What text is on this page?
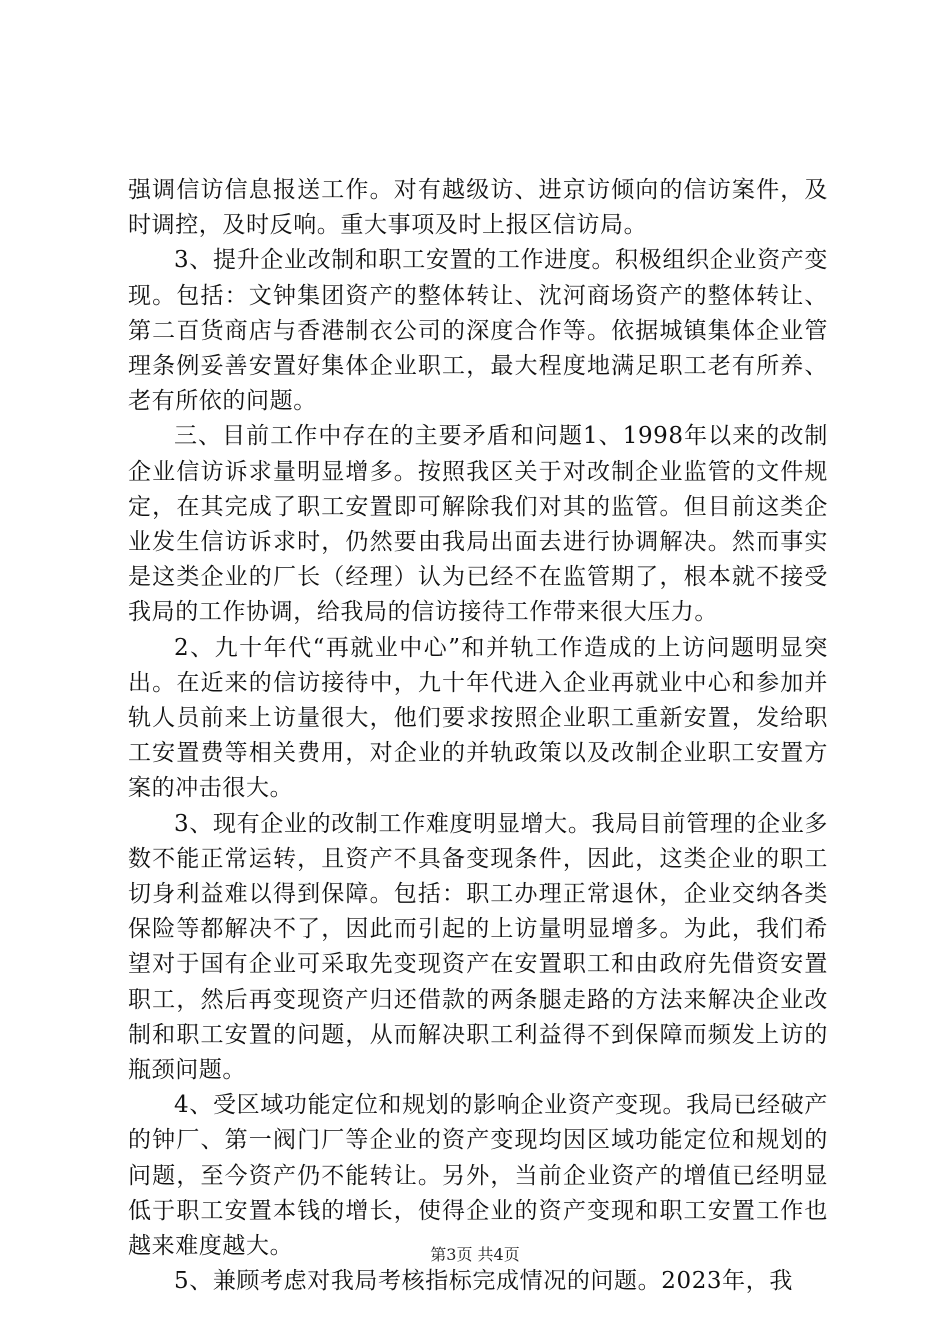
强调信访信息报送工作。对有越级访、进京访倾向的信访案件，及时调控，及时反响。重大事项及时上报区信访局。

3、提升企业改制和职工安置的工作进度。积极组织企业资产变现。包括：文钟集团资产的整体转让、沈河商场资产的整体转让、第二百货商店与香港制衣公司的深度合作等。依据城镇集体企业管理条例妥善安置好集体企业职工，最大程度地满足职工老有所养、老有所依的问题。

三、目前工作中存在的主要矛盾和问题1、1998年以来的改制企业信访诉求量明显增多。按照我区关于对改制企业监管的文件规定，在其完成了职工安置即可解除我们对其的监管。但目前这类企业发生信访诉求时，仍然要由我局出面去进行协调解决。然而事实是这类企业的厂长（经理）认为已经不在监管期了，根本就不接受我局的工作协调，给我局的信访接待工作带来很大压力。

2、九十年代“再就业中心”和并轨工作造成的上访问题明显突出。在近来的信访接待中，九十年代进入企业再就业中心和参加并轨人员前来上访量很大，他们要求按照企业职工重新安置，发给职工安置费等相关费用，对企业的并轨政策以及改制企业职工安置方案的冲击很大。

3、现有企业的改制工作难度明显增大。我局目前管理的企业多数不能正常运转，且资产不具备变现条件，因此，这类企业的职工切身利益难以得到保障。包括：职工办理正常退休，企业交纳各类保险等都解决不了，因此而引起的上访量明显增多。为此，我们希望对于国有企业可采取先变现资产在安置职工和由政府先借资安置职工，然后再变现资产归还借款的两条腿走路的方法来解决企业改制和职工安置的问题，从而解决职工利益得不到保障而频发上访的瓶颈问题。

4、受区域功能定位和规划的影响企业资产变现。我局已经破产的钟厂、第一阀门厂等企业的资产变现均因区域功能定位和规划的问题，至今资产仍不能转让。另外，当前企业资产的增值已经明显低于职工安置本钱的增长，使得企业的资产变现和职工安置工作也越来难度越大。

5、兼顾考虑对我局考核指标完成情况的问题。2023年，我

第3页 共4页
